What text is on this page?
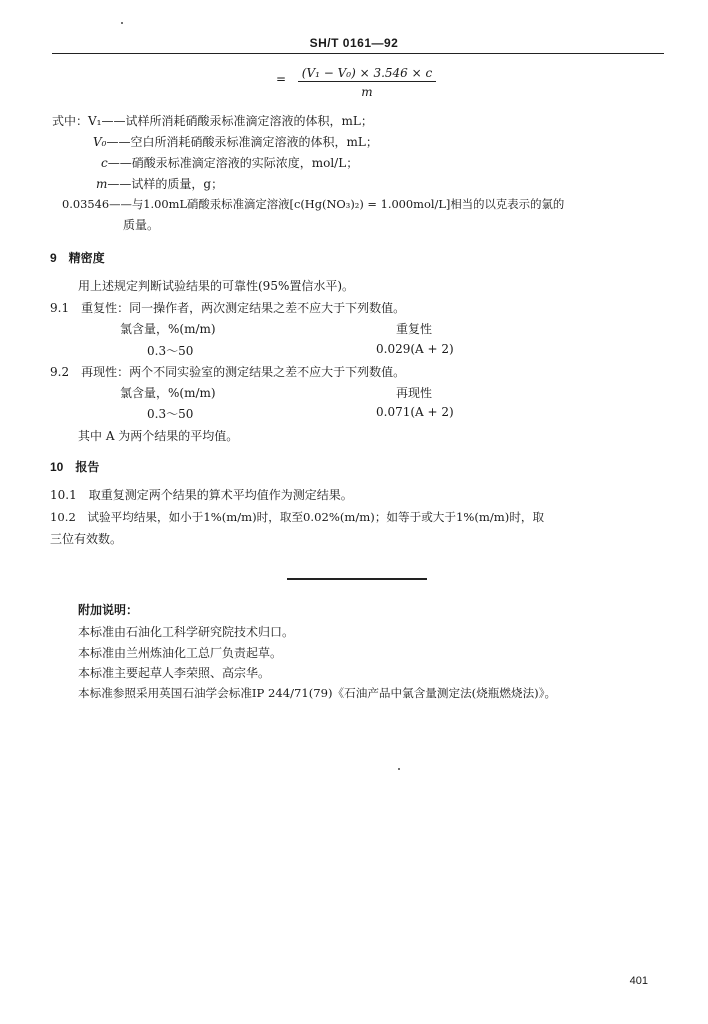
SH/T 0161—92
= (V₁ − V₀) × 3.546 × c
m
式中：V₁——试样所消耗硝酸汞标准滴定溶液的体积，mL；
V₀——空白所消耗硝酸汞标准滴定溶液的体积，mL；
c——硝酸汞标准滴定溶液的实际浓度，mol/L；
m——试样的质量，g；
0.03546——与1.00mL硝酸汞标准滴定溶液[c(Hg(NO₃)₂) = 1.000mol/L]相当的以克表示的氯的
质量。
9　精密度
用上述规定判断试验结果的可靠性(95%置信水平)。
9.1　重复性：同一操作者，两次测定结果之差不应大于下列数值。
氯含量，%(m/m)	重复性
0.3～50	0.029(A + 2)
9.2　再现性：两个不同实验室的测定结果之差不应大于下列数值。
氯含量，%(m/m)	再现性
0.3～50	0.071(A + 2)
其中 A 为两个结果的平均值。
10　报告
10.1　取重复测定两个结果的算术平均值作为测定结果。
10.2　试验平均结果，如小于1%(m/m)时，取至0.02%(m/m)；如等于或大于1%(m/m)时，取
三位有效数。
附加说明：
本标准由石油化工科学研究院技术归口。
本标准由兰州炼油化工总厂负责起草。
本标准主要起草人李荣照、高宗华。
本标准参照采用英国石油学会标准IP 244/71(79)《石油产品中氯含量测定法(烧瓶燃烧法)》。
401
